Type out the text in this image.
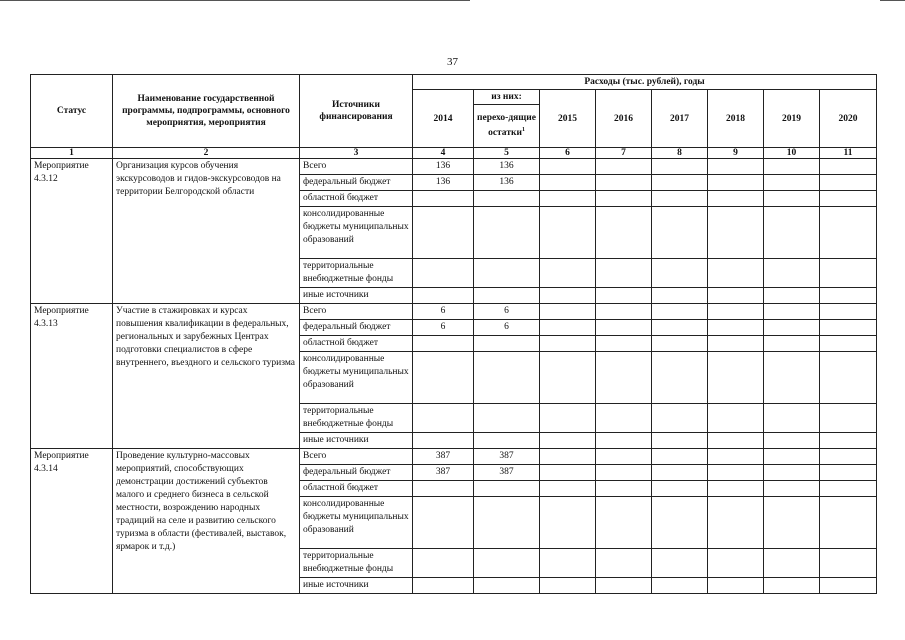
37
Статус	Наименование государственной программы, подпрограммы, основного мероприятия, мероприятия	Источники финансирования	Расходы (тыс. рублей), годы							
			2014	из них:	2015	2016	2017	2018	2019	2020
				перехо-дящие остатки$^1$
1	2	3	4	5	6	7	8	9	10	11
Мероприятие 4.3.12	Организация курсов обучения экскурсоводов и гидов-экскурсоводов на территории Белгородской области	Всего	136	136						
		федеральный бюджет	136	136						
		областной бюджет								
		консолидированные бюджеты муниципальных образований								
		территориальные внебюджетные фонды								
		иные источники								
Мероприятие 4.3.13	Участие в стажировках и курсах повышения квалификации в федеральных, региональных и зарубежных Центрах подготовки специалистов в сфере внутреннего, въездного и сельского туризма	Всего	6	6						
		федеральный бюджет	6	6						
		областной бюджет								
		консолидированные бюджеты муниципальных образований								
		территориальные внебюджетные фонды								
		иные источники								
Мероприятие 4.3.14	Проведение культурно-массовых мероприятий, способствующих демонстрации достижений субъектов малого и среднего бизнеса в сельской местности, возрождению народных традиций на селе и развитию сельского туризма в области (фестивалей, выставок, ярмарок и т.д.)	Всего	387	387						
		федеральный бюджет	387	387						
		областной бюджет								
		консолидированные бюджеты муниципальных образований								
		территориальные внебюджетные фонды								
		иные источники								
